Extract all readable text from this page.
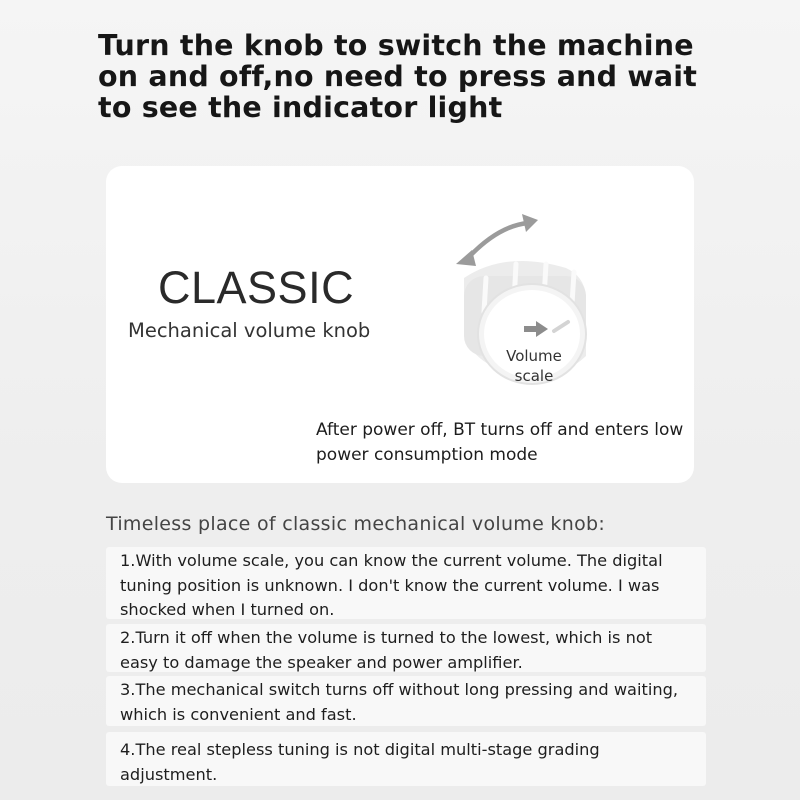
Turn the knob to switch the machine on and off,no need to press and wait to see the indicator light
CLASSIC
Mechanical volume knob
Volume
scale
After power off, BT turns off and enters low power consumption mode
Timeless place of classic mechanical volume knob:
1.With volume scale, you can know the current volume. The digital tuning position is unknown. I don't know the current volume. I was shocked when I turned on.
2.Turn it off when the volume is turned to the lowest, which is not easy to damage the speaker and power amplifier.
3.The mechanical switch turns off without long pressing and waiting, which is convenient and fast.
4.The real stepless tuning is not digital multi-stage grading adjustment.
